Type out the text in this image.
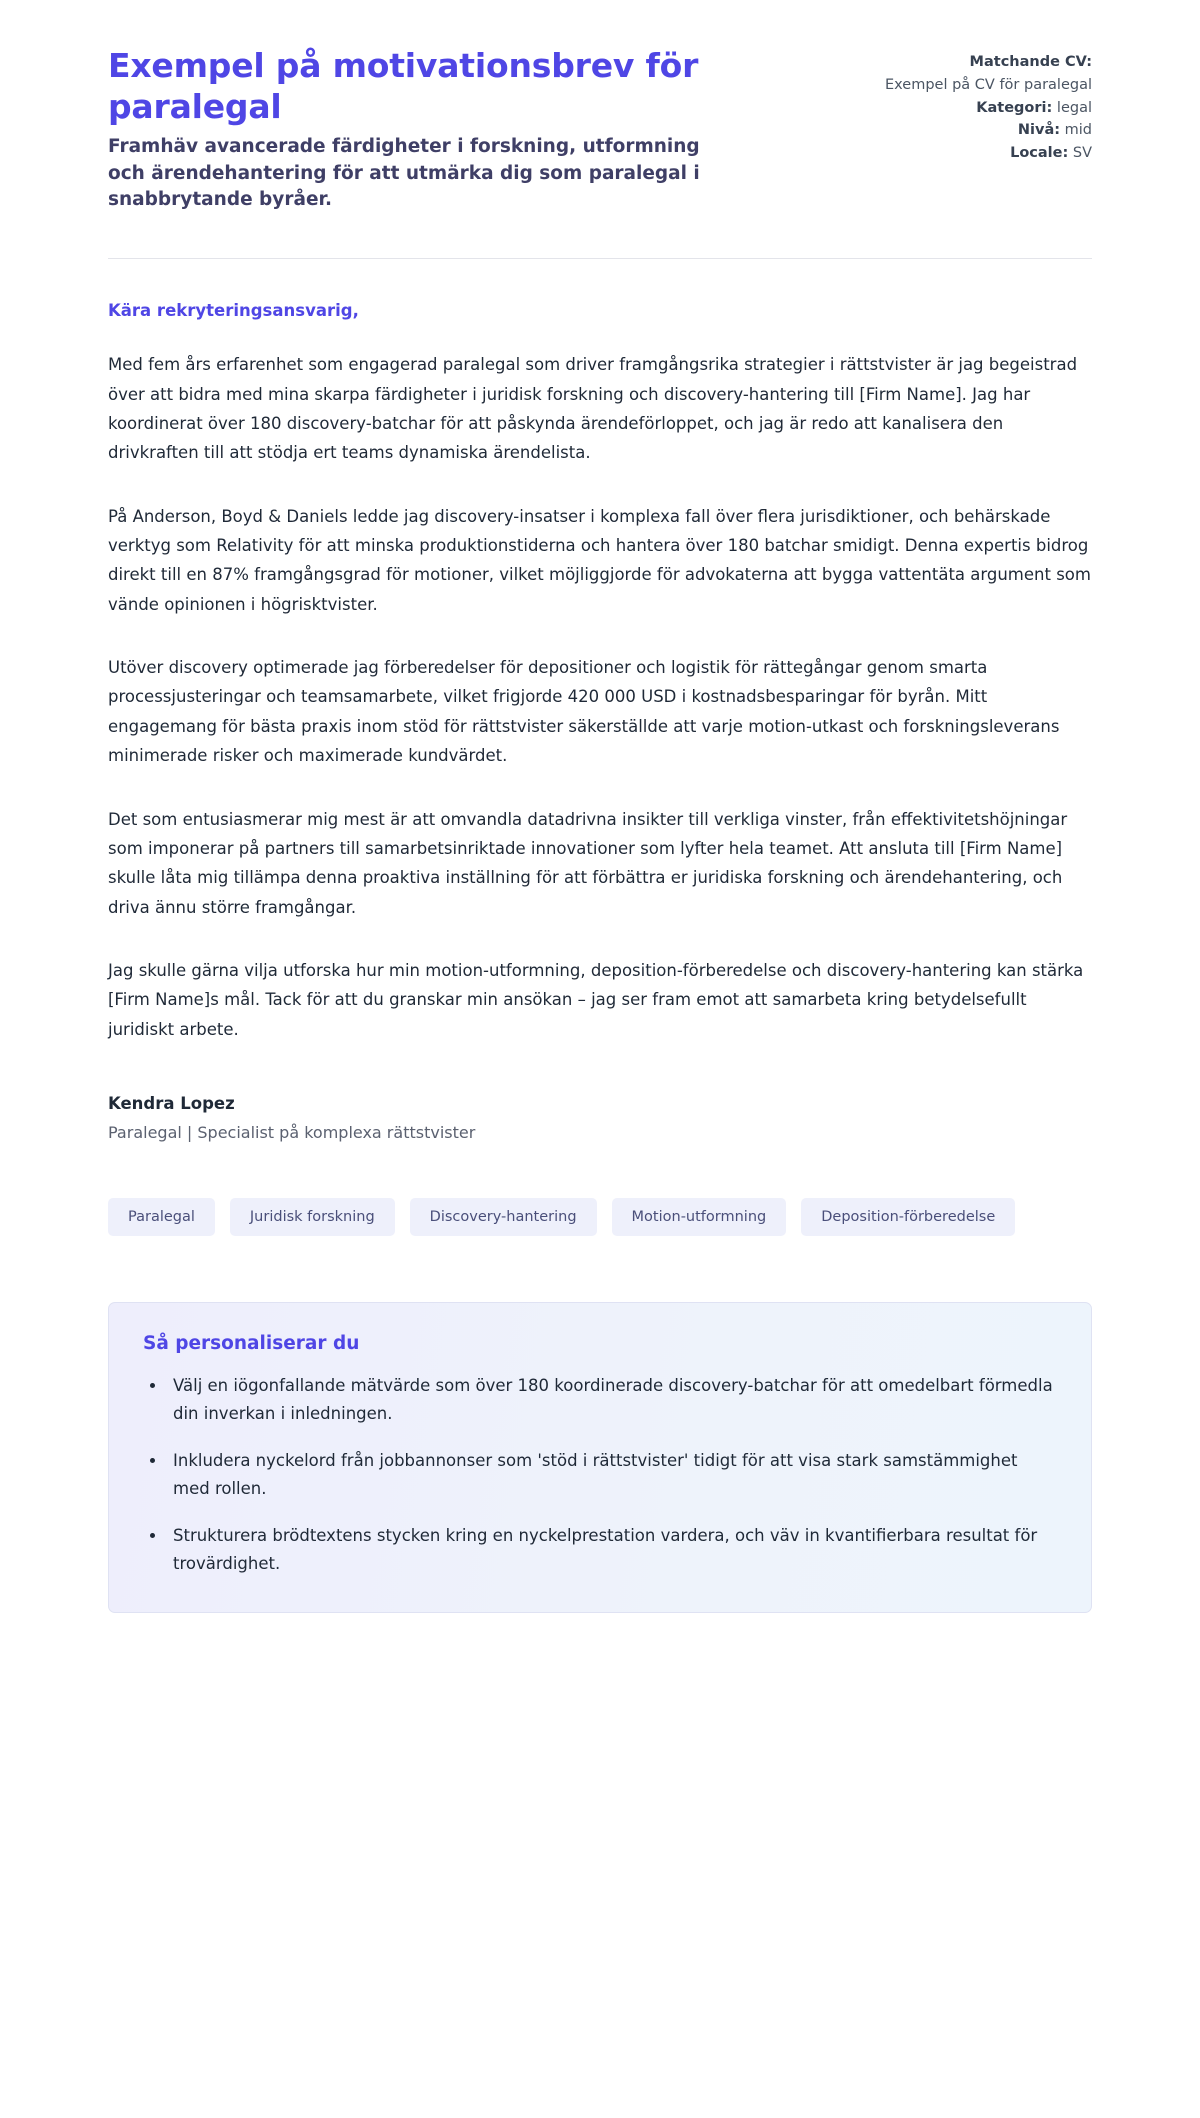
Exempel på motivationsbrev för paralegal

Framhäv avancerade färdigheter i forskning, utformning och ärendehantering för att utmärka dig som paralegal i snabbrytande byråer.

Matchande CV:
Exempel på CV för paralegal
Kategori: legal
Nivå: mid
Locale: SV

Kära rekryteringsansvarig,

Med fem års erfarenhet som engagerad paralegal som driver framgångsrika strategier i rättstvister är jag begeistrad över att bidra med mina skarpa färdigheter i juridisk forskning och discovery-hantering till [Firm Name]. Jag har koordinerat över 180 discovery-batchar för att påskynda ärendeförloppet, och jag är redo att kanalisera den drivkraften till att stödja ert teams dynamiska ärendelista.

På Anderson, Boyd & Daniels ledde jag discovery-insatser i komplexa fall över flera jurisdiktioner, och behärskade verktyg som Relativity för att minska produktionstiderna och hantera över 180 batchar smidigt. Denna expertis bidrog direkt till en 87% framgångsgrad för motioner, vilket möjliggjorde för advokaterna att bygga vattentäta argument som vände opinionen i högrisktvister.

Utöver discovery optimerade jag förberedelser för depositioner och logistik för rättegångar genom smarta processjusteringar och teamsamarbete, vilket frigjorde 420 000 USD i kostnadsbesparingar för byrån. Mitt engagemang för bästa praxis inom stöd för rättstvister säkerställde att varje motion-utkast och forskningsleverans minimerade risker och maximerade kundvärdet.

Det som entusiasmerar mig mest är att omvandla datadrivna insikter till verkliga vinster, från effektivitetshöjningar som imponerar på partners till samarbetsinriktade innovationer som lyfter hela teamet. Att ansluta till [Firm Name] skulle låta mig tillämpa denna proaktiva inställning för att förbättra er juridiska forskning och ärendehantering, och driva ännu större framgångar.

Jag skulle gärna vilja utforska hur min motion-utformning, deposition-förberedelse och discovery-hantering kan stärka [Firm Name]s mål. Tack för att du granskar min ansökan – jag ser fram emot att samarbeta kring betydelsefullt juridiskt arbete.

Kendra Lopez

Paralegal | Specialist på komplexa rättstvister

Paralegal	Juridisk forskning	Discovery-hantering	Motion-utformning	Deposition-förberedelse
Så personaliserar du
• Välj en iögonfallande mätvärde som över 180 koordinerade discovery-batchar för att omedelbart förmedla din inverkan i inledningen.
• Inkludera nyckelord från jobbannonser som 'stöd i rättstvister' tidigt för att visa stark samstämmighet med rollen.
• Strukturera brödtextens stycken kring en nyckelprestation vardera, och väv in kvantifierbara resultat för trovärdighet.
